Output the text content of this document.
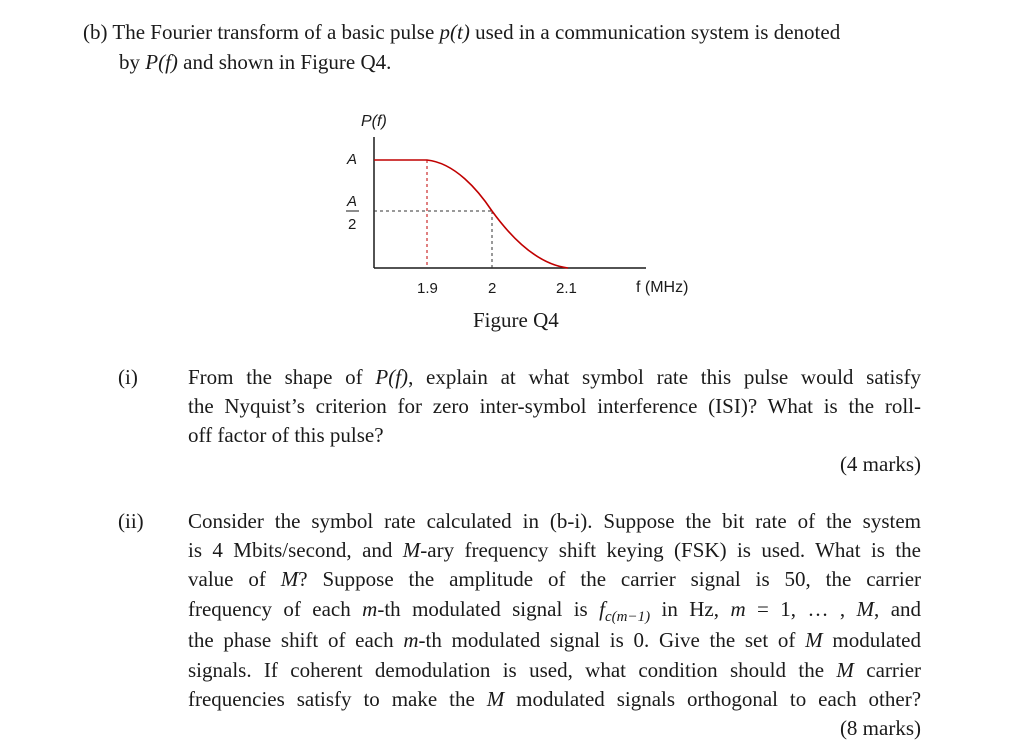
(b) The Fourier transform of a basic pulse p(t) used in a communication system is denoted
by P(f) and shown in Figure Q4.
P(f)
A
A
2
1.9	2	2.1	f (MHz)
Figure Q4
(i) From the shape of P(f), explain at what symbol rate this pulse would satisfy
the Nyquist’s criterion for zero inter-symbol interference (ISI)? What is the roll-
off factor of this pulse?
(4 marks)
(ii) Consider the symbol rate calculated in (b-i). Suppose the bit rate of the system
is 4 Mbits/second, and M-ary frequency shift keying (FSK) is used. What is the
value of M? Suppose the amplitude of the carrier signal is 50, the carrier
frequency of each m-th modulated signal is $f_{c(m-1)}$ in Hz, m = 1, … , M, and
the phase shift of each m-th modulated signal is 0. Give the set of M modulated
signals. If coherent demodulation is used, what condition should the M carrier
frequencies satisfy to make the M modulated signals orthogonal to each other?
(8 marks)
